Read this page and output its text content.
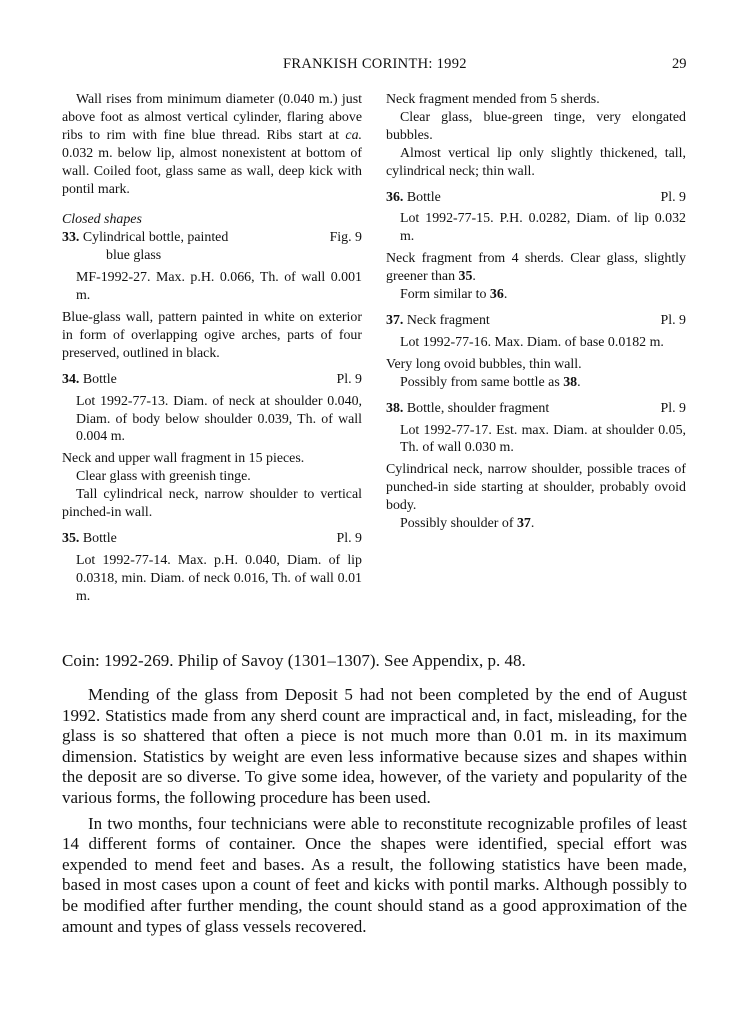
FRANKISH CORINTH: 1992	29
Wall rises from minimum diameter (0.040 m.) just above foot as almost vertical cylinder, flaring above ribs to rim with fine blue thread. Ribs start at ca. 0.032 m. below lip, almost nonexistent at bottom of wall. Coiled foot, glass same as wall, deep kick with pontil mark.
Closed shapes
33. Cylindrical bottle, painted	Fig. 9
blue glass
MF-1992-27. Max. p.H. 0.066, Th. of wall 0.001 m.
Blue-glass wall, pattern painted in white on exterior in form of overlapping ogive arches, parts of four preserved, outlined in black.
34. Bottle	Pl. 9
Lot 1992-77-13. Diam. of neck at shoulder 0.040, Diam. of body below shoulder 0.039, Th. of wall 0.004 m.
Neck and upper wall fragment in 15 pieces.
Clear glass with greenish tinge.
Tall cylindrical neck, narrow shoulder to vertical pinched-in wall.
35. Bottle	Pl. 9
Lot 1992-77-14. Max. p.H. 0.040, Diam. of lip 0.0318, min. Diam. of neck 0.016, Th. of wall 0.01 m.
Neck fragment mended from 5 sherds.
Clear glass, blue-green tinge, very elongated bubbles.
Almost vertical lip only slightly thickened, tall, cylindrical neck; thin wall.
36. Bottle	Pl. 9
Lot 1992-77-15. P.H. 0.0282, Diam. of lip 0.032 m.
Neck fragment from 4 sherds. Clear glass, slightly greener than 35.
Form similar to 36.
37. Neck fragment	Pl. 9
Lot 1992-77-16. Max. Diam. of base 0.0182 m.
Very long ovoid bubbles, thin wall.
Possibly from same bottle as 38.
38. Bottle, shoulder fragment	Pl. 9
Lot 1992-77-17. Est. max. Diam. at shoulder 0.05, Th. of wall 0.030 m.
Cylindrical neck, narrow shoulder, possible traces of punched-in side starting at shoulder, probably ovoid body.
Possibly shoulder of 37.
Coin: 1992-269. Philip of Savoy (1301–1307). See Appendix, p. 48.

Mending of the glass from Deposit 5 had not been completed by the end of August 1992. Statistics made from any sherd count are impractical and, in fact, misleading, for the glass is so shattered that often a piece is not much more than 0.01 m. in its maximum dimension. Statistics by weight are even less informative because sizes and shapes within the deposit are so diverse. To give some idea, however, of the variety and popularity of the various forms, the following procedure has been used.

In two months, four technicians were able to reconstitute recognizable profiles of least 14 different forms of container. Once the shapes were identified, special effort was expended to mend feet and bases. As a result, the following statistics have been made, based in most cases upon a count of feet and kicks with pontil marks. Although possibly to be modified after further mending, the count should stand as a good approximation of the amount and types of glass vessels recovered.
